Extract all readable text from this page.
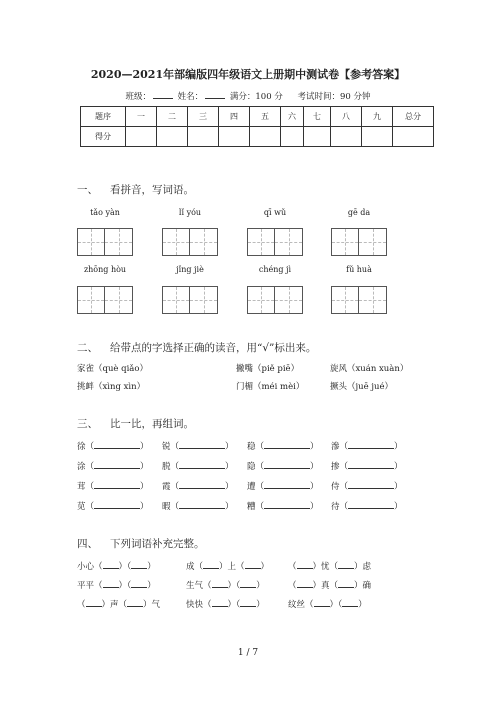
2020—2021年部编版四年级语文上册期中测试卷【参考答案】
班级：	姓名：	满分：100 分 考试时间：90 分钟
题序	一	二	三	四	五	六	七	八	九	总分
得分										
一、 看拼音，写词语。
tǎo yàn	lǐ yóu	qī wǔ	gē da
zhōng hòu	jǐng jiè	chéng jì	fǔ huà
二、 给带点的字选择正确的读音，用“√”标出来。
家雀（què qiǎo）	撇嘴（piě piē）	旋风（xuán xuàn）
挑衅（xìng xìn）	门楣（méi mèi）	撅头（juē jué）
三、 比一比，再组词。
徐（	） 锐（	） 稳（	） 滲（	）
涂（	） 脱（	） 隐（	） 掺（	）
茸（	） 霞（	） 遭（	） 侍（	）
苋（	） 暇（	） 糟（	） 待（	）
四、 下列词语补充完整。
小心（ ）（ ）	成（ ）上（ ） （ ）忧（ ）虑
平平（ ）（ ）	生气（ ）（ ）	（ ）真（ ）确
（ ）声（ ）气	快快（ ）（ ）	纹丝（ ）（ ）
1 / 7
